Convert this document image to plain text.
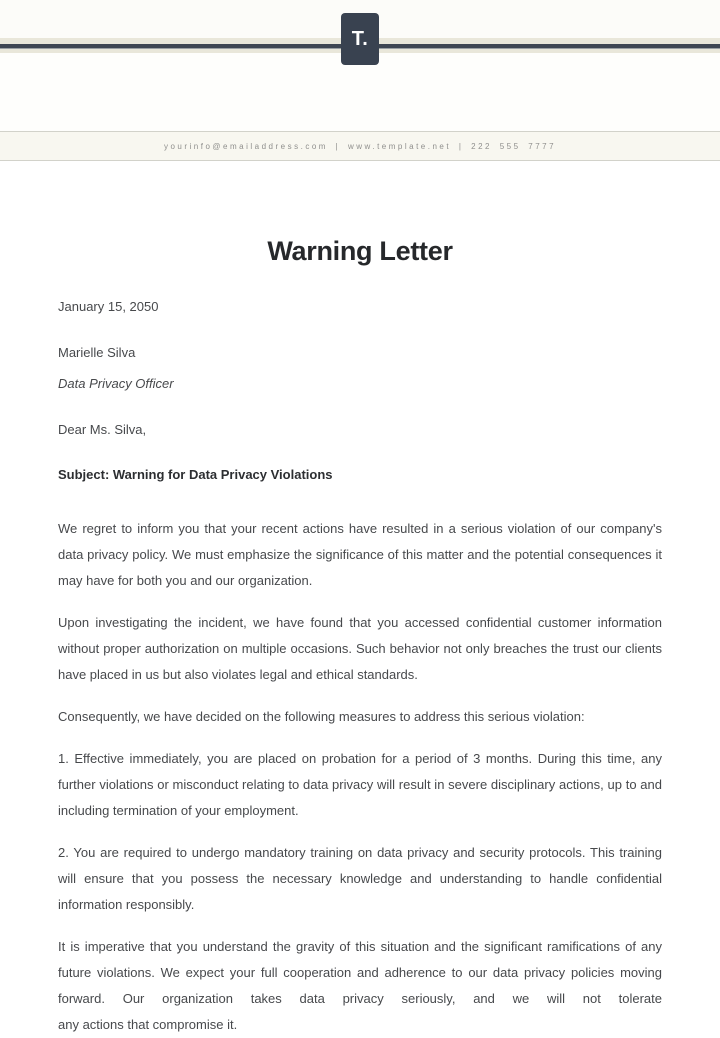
T.
yourinfo@emailaddress.com | www.template.net | 222 555 7777
Warning Letter

January 15, 2050

Marielle Silva

Data Privacy Officer

Dear Ms. Silva,

Subject: Warning for Data Privacy Violations

We regret to inform you that your recent actions have resulted in a serious violation of our company's data privacy policy. We must emphasize the significance of this matter and the potential consequences it may have for both you and our organization.

Upon investigating the incident, we have found that you accessed confidential customer information without proper authorization on multiple occasions. Such behavior not only breaches the trust our clients have placed in us but also violates legal and ethical standards.

Consequently, we have decided on the following measures to address this serious violation:

1. Effective immediately, you are placed on probation for a period of 3 months. During this time, any further violations or misconduct relating to data privacy will result in severe disciplinary actions, up to and including termination of your employment.

2. You are required to undergo mandatory training on data privacy and security protocols. This training will ensure that you possess the necessary knowledge and understanding to handle confidential information responsibly.

It is imperative that you understand the gravity of this situation and the significant ramifications of any future violations. We expect your full cooperation and adherence to our data privacy policies moving forward. Our organization takes data privacy seriously, and we will not tolerate

any actions that compromise it.
